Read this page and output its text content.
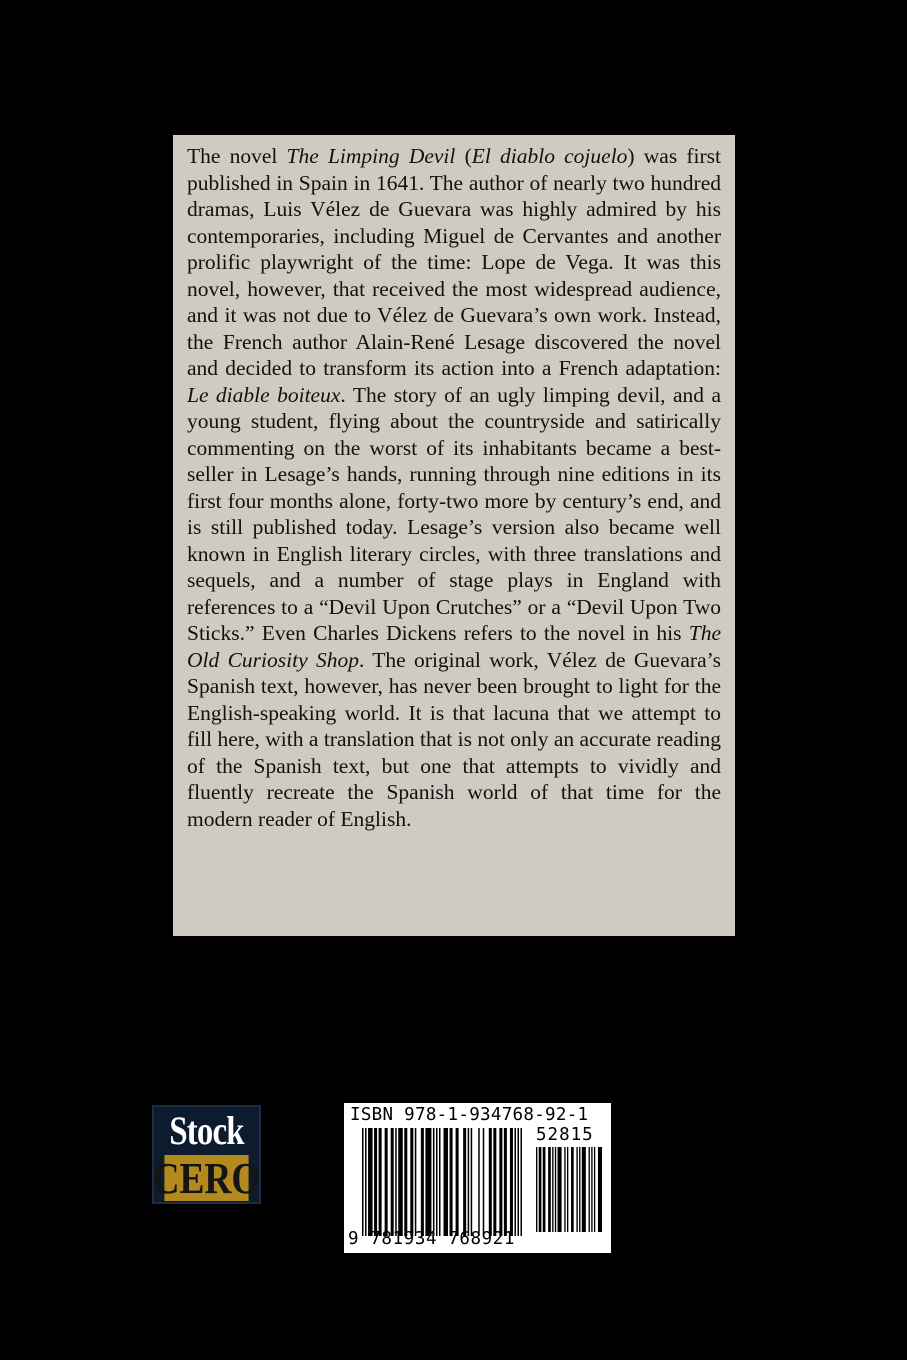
The novel The Limping Devil (El diablo cojuelo) was first published in Spain in 1641. The author of nearly two hundred dramas, Luis Vélez de Guevara was highly admired by his contemporaries, including Miguel de Cervantes and another prolific playwright of the time: Lope de Vega. It was this novel, however, that received the most widespread audience, and it was not due to Vélez de Guevara’s own work. Instead, the French author Alain-René Lesage discovered the novel and decided to transform its action into a French adaptation: Le diable boiteux. The story of an ugly limping devil, and a young student, flying about the countryside and satirically commenting on the worst of its inhabitants became a best-seller in Lesage’s hands, running through nine editions in its first four months alone, forty-two more by century’s end, and is still published today. Lesage’s version also became well known in English literary circles, with three translations and sequels, and a number of stage plays in England with references to a “Devil Upon Crutches” or a “Devil Upon Two Sticks.” Even Charles Dickens refers to the novel in his The Old Curiosity Shop. The original work, Vélez de Guevara’s Spanish text, however, has never been brought to light for the English-speaking world. It is that lacuna that we attempt to fill here, with a translation that is not only an accurate reading of the Spanish text, but one that attempts to vividly and fluently recreate the Spanish world of that time for the modern reader of English.

Stock
CERO
ISBN 978-1-934768-92-1
52815
9 781934 768921
